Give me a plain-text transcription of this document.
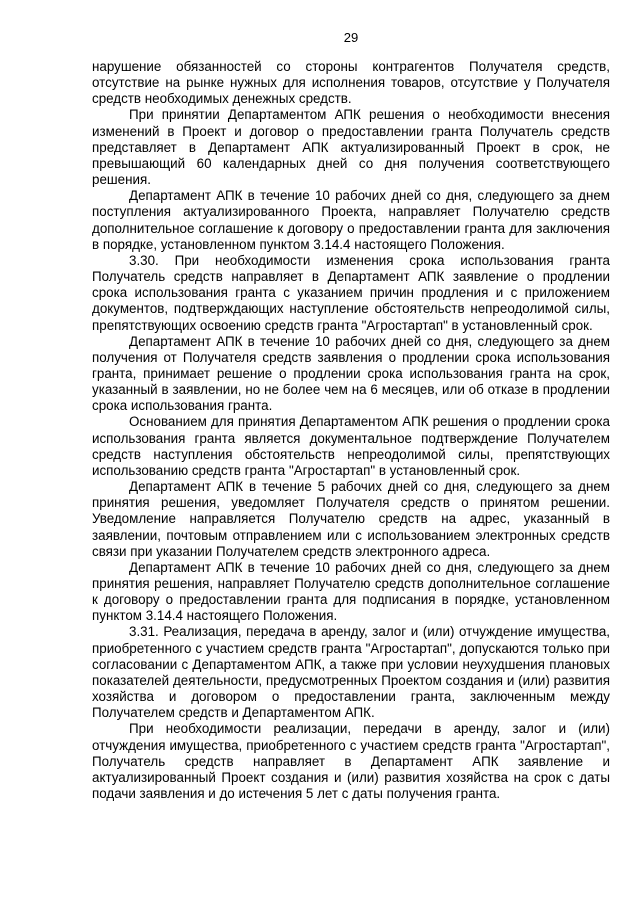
29

нарушение обязанностей со стороны контрагентов Получателя средств, отсутствие на рынке нужных для исполнения товаров, отсутствие у Получателя средств необходимых денежных средств.

При принятии Департаментом АПК решения о необходимости внесения изменений в Проект и договор о предоставлении гранта Получатель средств представляет в Департамент АПК актуализированный Проект в срок, не превышающий 60 календарных дней со дня получения соответствующего решения.

Департамент АПК в течение 10 рабочих дней со дня, следующего за днем поступления актуализированного Проекта, направляет Получателю средств дополнительное соглашение к договору о предоставлении гранта для заключения в порядке, установленном пунктом 3.14.4 настоящего Положения.

3.30. При необходимости изменения срока использования гранта Получатель средств направляет в Департамент АПК заявление о продлении срока использования гранта с указанием причин продления и с приложением документов, подтверждающих наступление обстоятельств непреодолимой силы, препятствующих освоению средств гранта "Агростартап" в установленный срок.

Департамент АПК в течение 10 рабочих дней со дня, следующего за днем получения от Получателя средств заявления о продлении срока использования гранта, принимает решение о продлении срока использования гранта на срок, указанный в заявлении, но не более чем на 6 месяцев, или об отказе в продлении срока использования гранта.

Основанием для принятия Департаментом АПК решения о продлении срока использования гранта является документальное подтверждение Получателем средств наступления обстоятельств непреодолимой силы, препятствующих использованию средств гранта "Агростартап" в установленный срок.

Департамент АПК в течение 5 рабочих дней со дня, следующего за днем принятия решения, уведомляет Получателя средств о принятом решении. Уведомление направляется Получателю средств на адрес, указанный в заявлении, почтовым отправлением или с использованием электронных средств связи при указании Получателем средств электронного адреса.

Департамент АПК в течение 10 рабочих дней со дня, следующего за днем принятия решения, направляет Получателю средств дополнительное соглашение к договору о предоставлении гранта для подписания в порядке, установленном пунктом 3.14.4 настоящего Положения.

3.31. Реализация, передача в аренду, залог и (или) отчуждение имущества, приобретенного с участием средств гранта "Агростартап", допускаются только при согласовании с Департаментом АПК, а также при условии неухудшения плановых показателей деятельности, предусмотренных Проектом создания и (или) развития хозяйства и договором о предоставлении гранта, заключенным между Получателем средств и Департаментом АПК.

При необходимости реализации, передачи в аренду, залог и (или) отчуждения имущества, приобретенного с участием средств гранта "Агростартап", Получатель средств направляет в Департамент АПК заявление и актуализированный Проект создания и (или) развития хозяйства на срок с даты подачи заявления и до истечения 5 лет с даты получения гранта.
